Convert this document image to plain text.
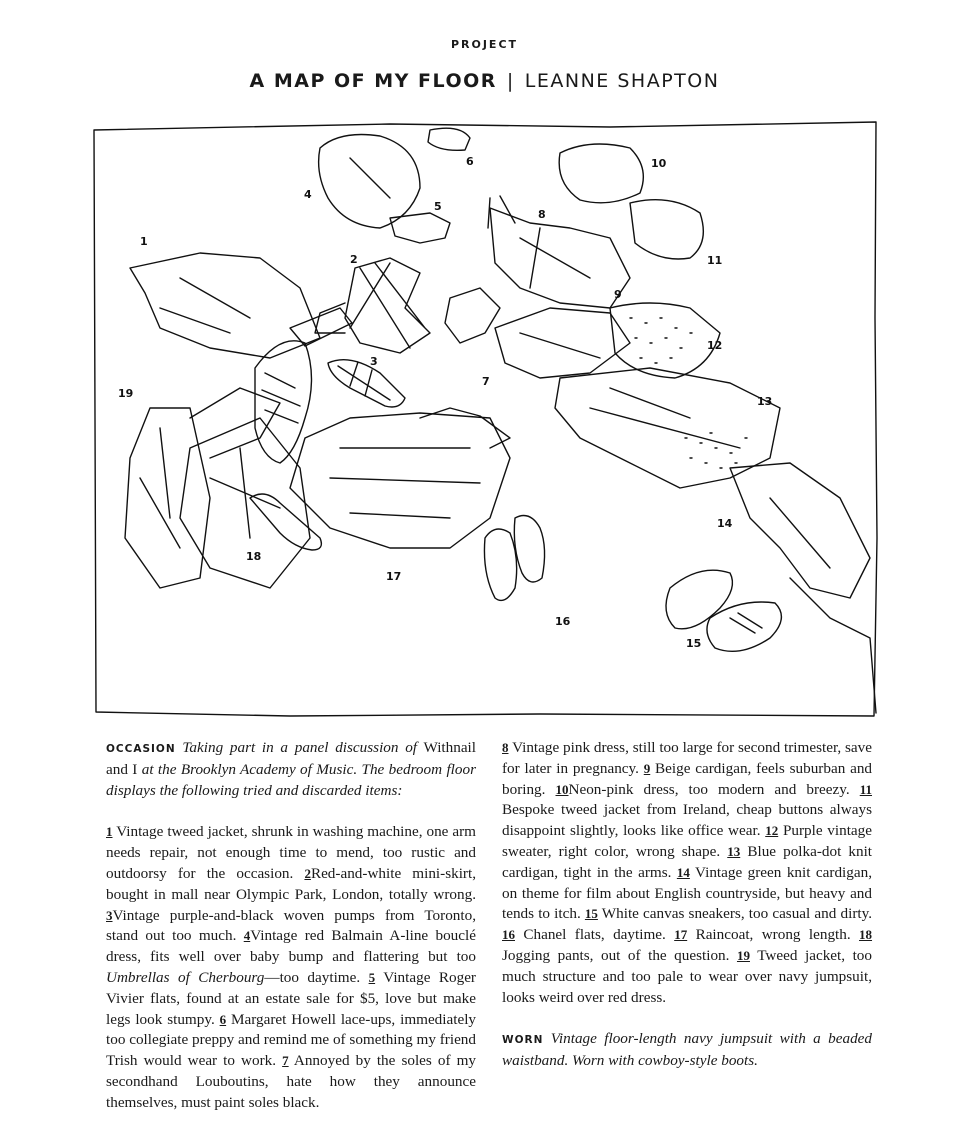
PROJECT
A MAP OF MY FLOOR | LEANNE SHAPTON
1
2
3
4
5
6
7
8
9
10
11
12
13
14
15
16
17
18
19

OCCASION Taking part in a panel discussion of Withnail and I at the Brooklyn Academy of Music. The bedroom floor displays the following tried and discarded items:

1 Vintage tweed jacket, shrunk in washing machine, one arm needs repair, not enough time to mend, too rustic and outdoorsy for the occasion. 2Red-and-white mini-skirt, bought in mall near Olympic Park, London, totally wrong. 3Vintage purple-and-black woven pumps from Toronto, stand out too much. 4Vintage red Balmain A-line bouclé dress, fits well over baby bump and flattering but too Umbrellas of Cherbourg—too daytime. 5 Vintage Roger Vivier flats, found at an estate sale for $5, love but make legs look stumpy. 6 Margaret Howell lace-ups, immediately too collegiate preppy and remind me of something my friend Trish would wear to work. 7 Annoyed by the soles of my secondhand Louboutins, hate how they announce themselves, must paint soles black.

8 Vintage pink dress, still too large for second trimester, save for later in pregnancy. 9 Beige cardigan, feels suburban and boring. 10Neon-pink dress, too modern and breezy. 11 Bespoke tweed jacket from Ireland, cheap buttons always disappoint slightly, looks like office wear. 12 Purple vintage sweater, right color, wrong shape. 13 Blue polka-dot knit cardigan, tight in the arms. 14 Vintage green knit cardigan, on theme for film about English countryside, but heavy and tends to itch. 15 White canvas sneakers, too casual and dirty. 16 Chanel flats, daytime. 17 Raincoat, wrong length. 18 Jogging pants, out of the question. 19 Tweed jacket, too much structure and too pale to wear over navy jumpsuit, looks weird over red dress.

WORN Vintage floor-length navy jumpsuit with a beaded waistband. Worn with cowboy-style boots.
